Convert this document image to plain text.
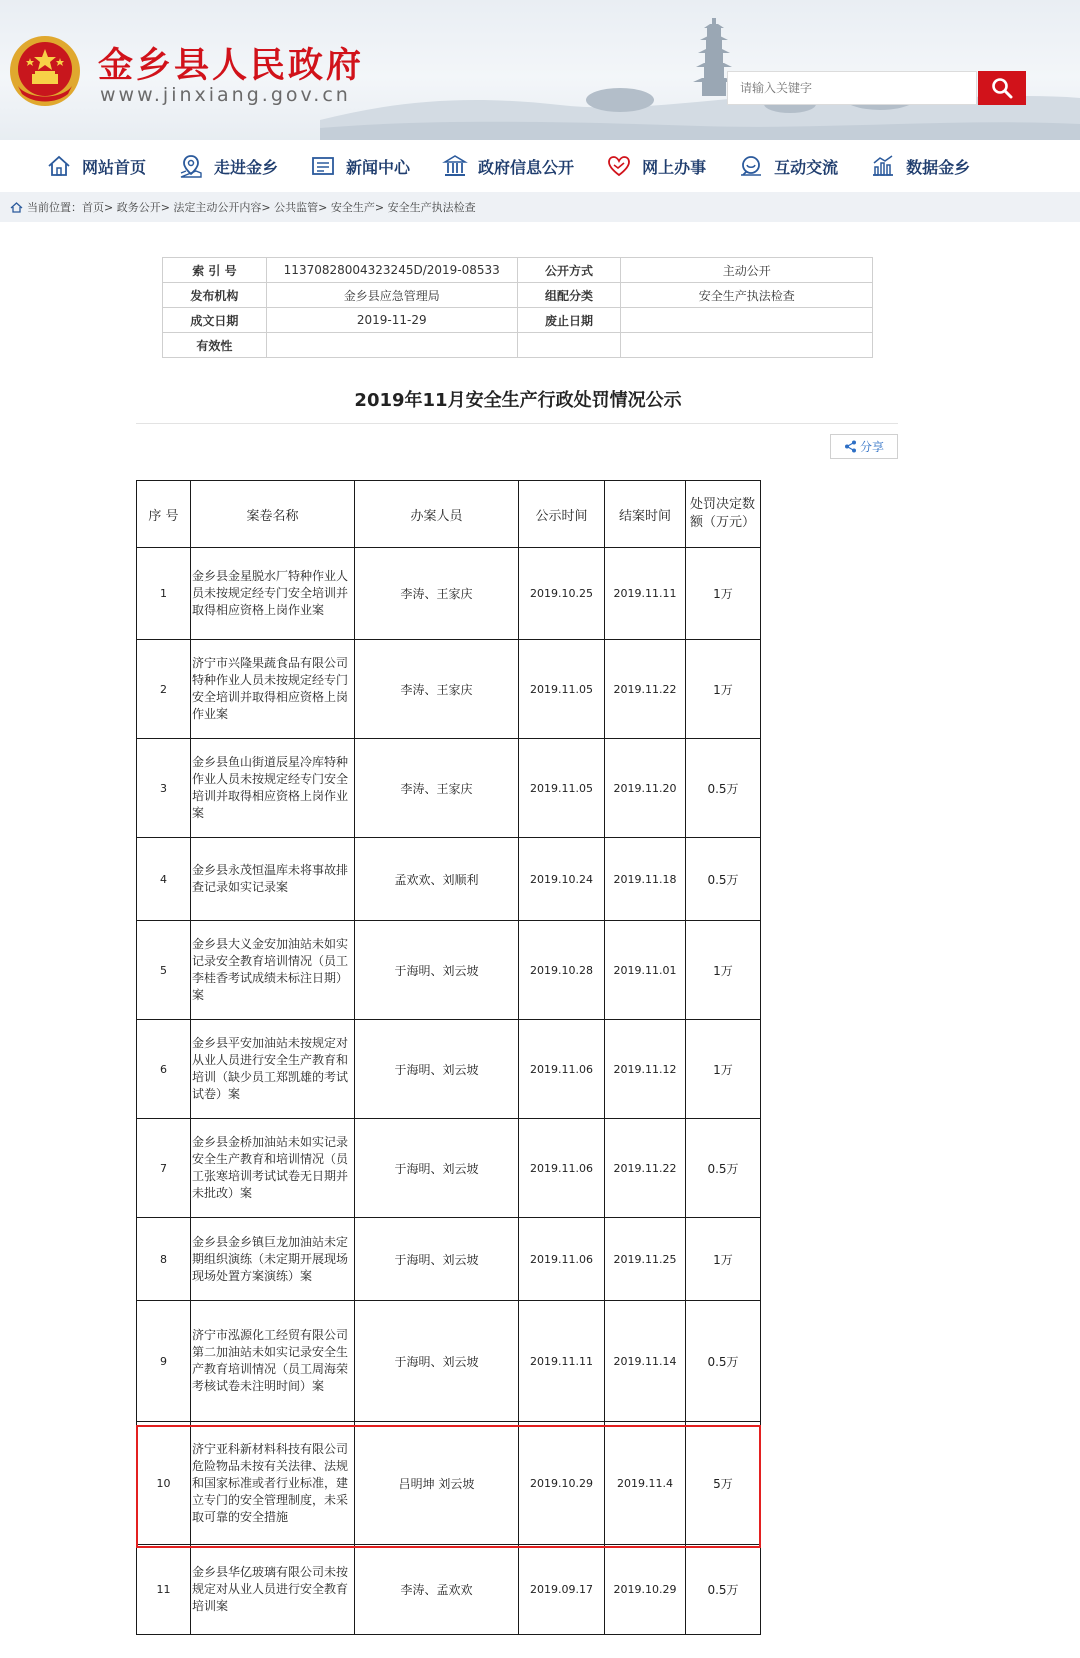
金乡县人民政府
www.jinxiang.gov.cn
请输入关键字
网站首页	走进金乡	新闻中心	政府信息公开	网上办事	互动交流	数据金乡
当前位置： 首页> 政务公开> 法定主动公开内容> 公共监管> 安全生产> 安全生产执法检查
索 引 号	11370828004323245D/2019-08533	公开方式	主动公开
发布机构	金乡县应急管理局	组配分类	安全生产执法检查
成文日期	2019-11-29	废止日期	
有效性			
2019年11月安全生产行政处罚情况公示
分享
序 号	案卷名称	办案人员	公示时间	结案时间	处罚决定数额（万元）
1	金乡县金星脱水厂特种作业人员未按规定经专门安全培训并取得相应资格上岗作业案	李涛、王家庆	2019.10.25	2019.11.11	1万
2	济宁市兴隆果蔬食品有限公司特种作业人员未按规定经专门安全培训并取得相应资格上岗作业案	李涛、王家庆	2019.11.05	2019.11.22	1万
3	金乡县鱼山街道辰星冷库特种作业人员未按规定经专门安全培训并取得相应资格上岗作业案	李涛、王家庆	2019.11.05	2019.11.20	0.5万
4	金乡县永茂恒温库未将事故排查记录如实记录案	孟欢欢、刘顺利	2019.10.24	2019.11.18	0.5万
5	金乡县大义金安加油站未如实记录安全教育培训情况（员工李桂香考试成绩未标注日期）案	于海明、刘云坡	2019.10.28	2019.11.01	1万
6	金乡县平安加油站未按规定对从业人员进行安全生产教育和培训（缺少员工郑凯雄的考试试卷）案	于海明、刘云坡	2019.11.06	2019.11.12	1万
7	金乡县金桥加油站未如实记录安全生产教育和培训情况（员工张寒培训考试试卷无日期并未批改）案	于海明、刘云坡	2019.11.06	2019.11.22	0.5万
8	金乡县金乡镇巨龙加油站未定期组织演练（未定期开展现场现场处置方案演练）案	于海明、刘云坡	2019.11.06	2019.11.25	1万
9	济宁市泓源化工经贸有限公司第二加油站未如实记录安全生产教育培训情况（员工周海荣考核试卷未注明时间）案	于海明、刘云坡	2019.11.11	2019.11.14	0.5万
10	济宁亚科新材料科技有限公司危险物品未按有关法律、法规和国家标准或者行业标准，建立专门的安全管理制度，未采取可靠的安全措施	吕明坤 刘云坡	2019.10.29	2019.11.4	5万
11	金乡县华亿玻璃有限公司未按规定对从业人员进行安全教育培训案	李涛、孟欢欢	2019.09.17	2019.10.29	0.5万
